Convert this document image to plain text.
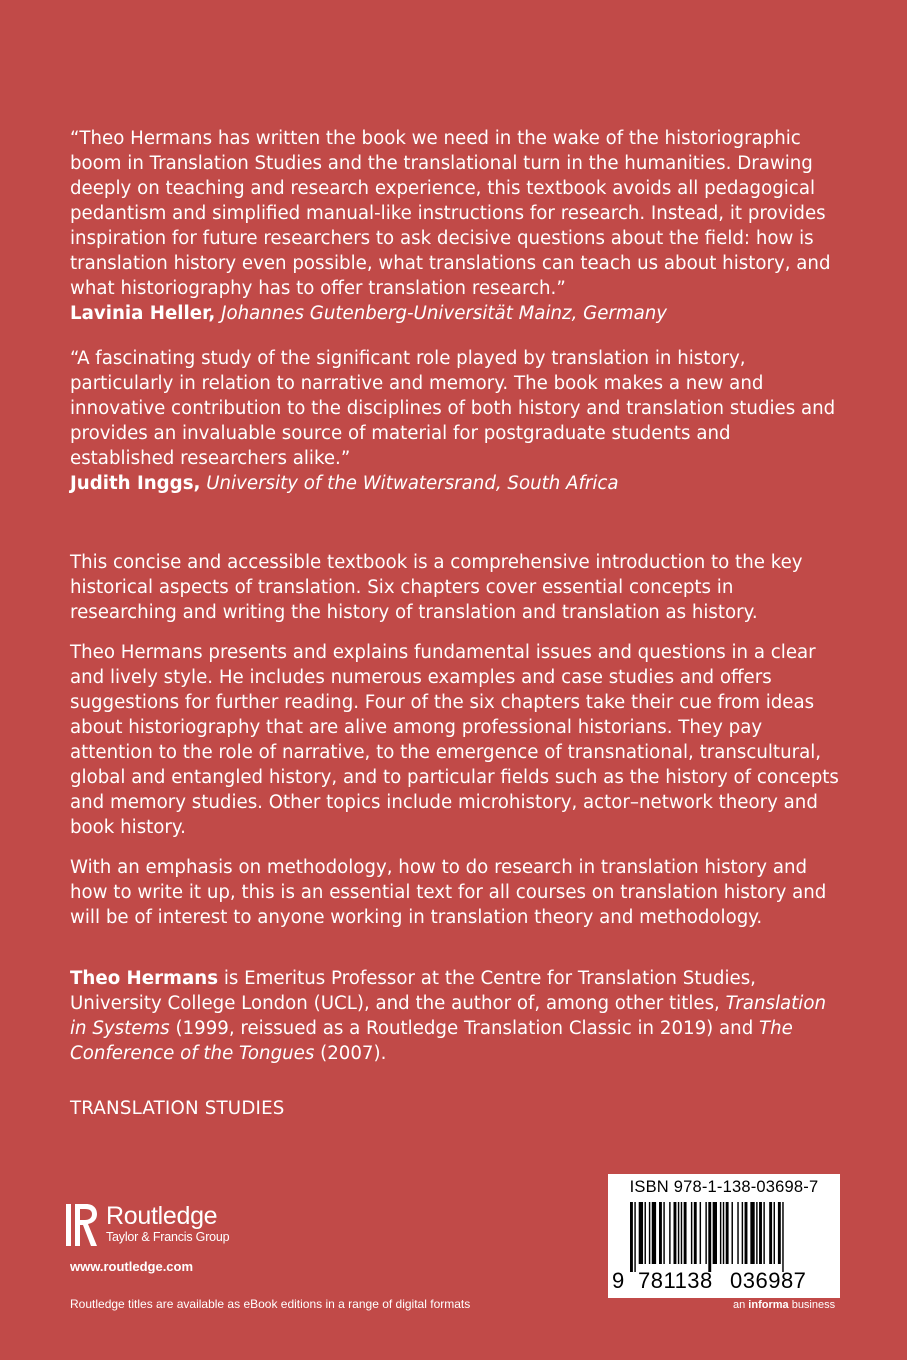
“Theo Hermans has written the book we need in the wake of the historiographic boom in Translation Studies and the translational turn in the humanities. Drawing deeply on teaching and research experience, this textbook avoids all pedagogical pedantism and simplified manual-like instructions for research. Instead, it provides inspiration for future researchers to ask decisive questions about the field: how is translation history even possible, what translations can teach us about history, and what historiography has to offer translation research.”

Lavinia Heller, Johannes Gutenberg-Universität Mainz, Germany

“A fascinating study of the significant role played by translation in history, particularly in relation to narrative and memory. The book makes a new and innovative contribution to the disciplines of both history and translation studies and provides an invaluable source of material for postgraduate students and established researchers alike.”

Judith Inggs, University of the Witwatersrand, South Africa

This concise and accessible textbook is a comprehensive introduction to the key historical aspects of translation. Six chapters cover essential concepts in researching and writing the history of translation and translation as history.

Theo Hermans presents and explains fundamental issues and questions in a clear and lively style. He includes numerous examples and case studies and offers suggestions for further reading. Four of the six chapters take their cue from ideas about historiography that are alive among professional historians. They pay attention to the role of narrative, to the emergence of transnational, transcultural, global and entangled history, and to particular fields such as the history of concepts and memory studies. Other topics include microhistory, actor–network theory and book history.

With an emphasis on methodology, how to do research in translation history and how to write it up, this is an essential text for all courses on translation history and will be of interest to anyone working in translation theory and methodology.

Theo Hermans is Emeritus Professor at the Centre for Translation Studies, University College London (UCL), and the author of, among other titles, Translation in Systems (1999, reissued as a Routledge Translation Classic in 2019) and The Conference of the Tongues (2007).

TRANSLATION STUDIES
Routledge
Taylor & Francis Group
www.routledge.com
Routledge titles are available as eBook editions in a range of digital formats
ISBN 978-1-138-03698-7
9 781138 036987
an informa business
